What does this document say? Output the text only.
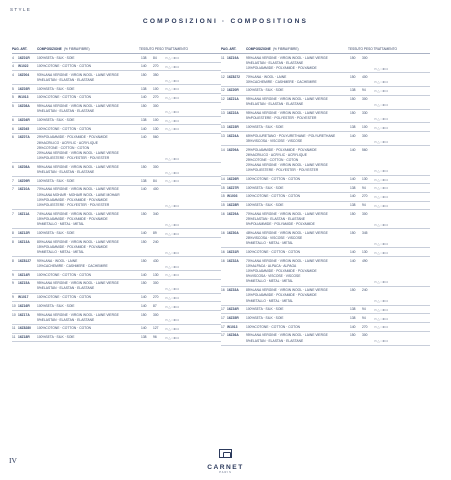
STYLE
COMPOSIZIONI · COMPOSITIONS
PAG. ART.	COMPOSIZIONE (% FIBRA/FIBRE)	TESSUTO PESO TRATTAMENTO
4 16Z01R 100%SETA · SILK · SOIE	138 84	▭△◌⊗⊡
4 W1022	100%COTONE · COTTON · COTON	140 270 ▭△◌⊗⊡
4 16Z004 93%LANA VERGINE · VIRGIN WOOL · LAINE VIERGE
5%ELASTAN · ELASTAN · ELASTANE
150 350
▭△◌⊗⊡
5 16Z03R 100%SETA · SILK · SOIE	138 100 ▭△◌⊗⊡
5 W1013	100%COTONE · COTTON · COTON	140 270 ▭△◌⊗⊡
5 16Z08A 95%LANA VERGINE · VIRGIN WOOL · LAINE VIERGE
5%ELASTAN · ELASTAN · ELASTANE
150 300
▭△◌⊗⊡
6 16Z04R 100%SETA · SILK · SOIE	138 100 ▭△◌⊗⊡
6 16Z045 100%COTONE · COTTON · COTON	140 130 ▭△◌⊗⊡
6 16Z07A 29%POLIAMMIDE · POLYAMIDE · POLYAMIDE
26%ACRILICO · ACRYLIC · ACRYLIQUE
25%COTONE · COTTON · COTON
20%LANA VERGINE · VIRGIN WOOL · LAINE VIERGE
10%POLIESTERE · POLYESTER · POLYESTER
140 560
▭△◌⊗⊡
6 16Z08A 95%LANA VERGINE · VIRGIN WOOL · LAINE VIERGE
5%ELASTAN · ELASTAN · ELASTANE
150 300
▭△◌⊗⊡
7 16Z09R 100%SETA · SILK · SOIE	138 84	▭△◌⊗⊡
7 16Z10A 70%LANA VERGINE · VIRGIN WOOL · LAINE VIERGE
10%LANA MOHAIR · MOHAIR WOOL · LAINE MOHAIR
10%POLIAMMIDE · POLYAMIDE · POLYAMIDE
10%POLIESTERE · POLYESTER · POLYESTER
140 400
▭△◌⊗⊡
7 16Z11A 74%LANA VERGINE · VIRGIN WOOL · LAINE VIERGE
15%POLIAMMIDE · POLYAMIDE · POLYAMIDE
5%METALLO · METAL · METAL
150 340
▭△◌⊗⊡
8 16Z12R 100%SETA · SILK · SOIE	140 89	▭△◌⊗⊡
8 16Z13A 80%LANA VERGINE · VIRGIN WOOL · LAINE VIERGE
15%POLIAMMIDE · POLYAMIDE · POLYAMIDE
5%METALLO · METAL · METAL
150 240
▭△◌⊗⊡
8 16Z8127 90%LANA · WOOL · LAINE
10%CACHEMIRE · CASHMERE · CACHEMIRE
150 430
▭△◌⊗⊡
9 16Z14R 100%COTONE · COTTON · COTON	140 130 ▭△◌⊗⊡
9 16Z15A 95%LANA VERGINE · VIRGIN WOOL · LAINE VIERGE
5%ELASTAN · ELASTAN · ELASTANE
150 300
▭△◌⊗⊡
9 W1017	100%COTONE · COTTON · COTON	140 270 ▭△◌⊗⊡
10 16Z16R 100%SETA · SILK · SOIE	140 87	▭△◌⊗⊡
10 16Z17A 95%LANA VERGINE · VIRGIN WOOL · LAINE VIERGE
5%ELASTAN · ELASTAN · ELASTANE
150 300
▭△◌⊗⊡
11 16Z8280 100%COTONE · COTTON · COTON	140 127 ▭△◌⊗⊡
11 16Z18R 100%SETA · SILK · SOIE	138 96	▭△◌⊗⊡
PAG. ART.	COMPOSIZIONE (% FIBRA/FIBRE)	TESSUTO PESO TRATTAMENTO
11 16Z19A 95%LANA VERGINE · VIRGIN WOOL · LAINE VIERGE
5%ELASTAN · ELASTAN · ELASTANE
10%POLIAMMIDE · POLYAMIDE · POLYAMIDE
150 300
▭△◌⊗⊡
12 16Z8272 70%LANA · WOOL · LAINE
30%CACHEMIRE · CASHMERE · CACHEMIRE
150 400
▭△◌⊗⊡
12 16Z20R 100%SETA · SILK · SOIE	138 94	▭△◌⊗⊡
12 16Z21A 95%LANA VERGINE · VIRGIN WOOL · LAINE VIERGE
5%ELASTAN · ELASTAN · ELASTANE
150 300
▭△◌⊗⊡
13 16Z22A 95%LANA VERGINE · VIRGIN WOOL · LAINE VIERGE
5%POLIESTERE · POLYESTER · POLYESTER
150 330
▭△◌⊗⊡
13 16Z23R 100%SETA · SILK · SOIE	138 100 ▭△◌⊗⊡
13 16Z24A 65%POLIURETANO · POLYURETHANE · POLYURETHANE
35%VISCOSA · VISCOSE · VISCOSE
140 300
▭△◌⊗⊡
14 16Z09A 29%POLIAMMIDE · POLYAMIDE · POLYAMIDE
26%ACRILICO · ACRYLIC · ACRYLIQUE
25%COTONE · COTTON · COTON
20%LANA VERGINE · VIRGIN WOOL · LAINE VIERGE
10%POLIESTERE · POLYESTER · POLYESTER
140 560
▭△◌⊗⊡
14 16Z26R 100%COTONE · COTTON · COTON	140 130 ▭△◌⊗⊡
15 16Z27R 100%SETA · SILK · SOIE	138 94	▭△◌⊗⊡
15 W1003	100%COTONE · COTTON · COTON	140 270 ▭△◌⊗⊡
15 16Z28R 100%SETA · SILK · SOIE	138 94	▭△◌⊗⊡
16 16Z29A 70%LANA VERGINE · VIRGIN WOOL · LAINE VIERGE
25%ELASTAN · ELASTAN · ELASTANE
5%POLIAMMIDE · POLYAMIDE · POLYAMIDE
150 300
▭△◌⊗⊡
16 16Z30A 48%LANA VERGINE · VIRGIN WOOL · LAINE VIERGE
28%VISCOSA · VISCOSE · VISCOSE
5%METALLO · METAL · METAL
150 345
▭△◌⊗⊡
16 16Z31R 100%COTONE · COTTON · COTON	140 130 ▭△◌⊗⊡
16 16Z32A 70%LANA VERGINE · VIRGIN WOOL · LAINE VIERGE
10%ALPACA · ALPACA · ALPAGA
10%POLIAMMIDE · POLYAMIDE · POLYAMIDE
5%VISCOSA · VISCOSE · VISCOSE
5%METALLO · METAL · METAL
140 490
▭△◌⊗⊡
16 16Z33A 85%LANA VERGINE · VIRGIN WOOL · LAINE VIERGE
10%POLIAMMIDE · POLYAMIDE · POLYAMIDE
5%METALLO · METAL · METAL
150 240
▭△◌⊗⊡
17 16Z34R 100%SETA · SILK · SOIE	138 94	▭△◌⊗⊡
17 16Z35R 100%SETA · SILK · SOIE	138 94	▭△◌⊗⊡
17 W1013	100%COTONE · COTTON · COTON	140 270 ▭△◌⊗⊡
17 16Z36A 95%LANA VERGINE · VIRGIN WOOL · LAINE VIERGE
5%ELASTAN · ELASTAN · ELASTANE
150 300
▭△◌⊗⊡
CARNET
PARIS
IV
